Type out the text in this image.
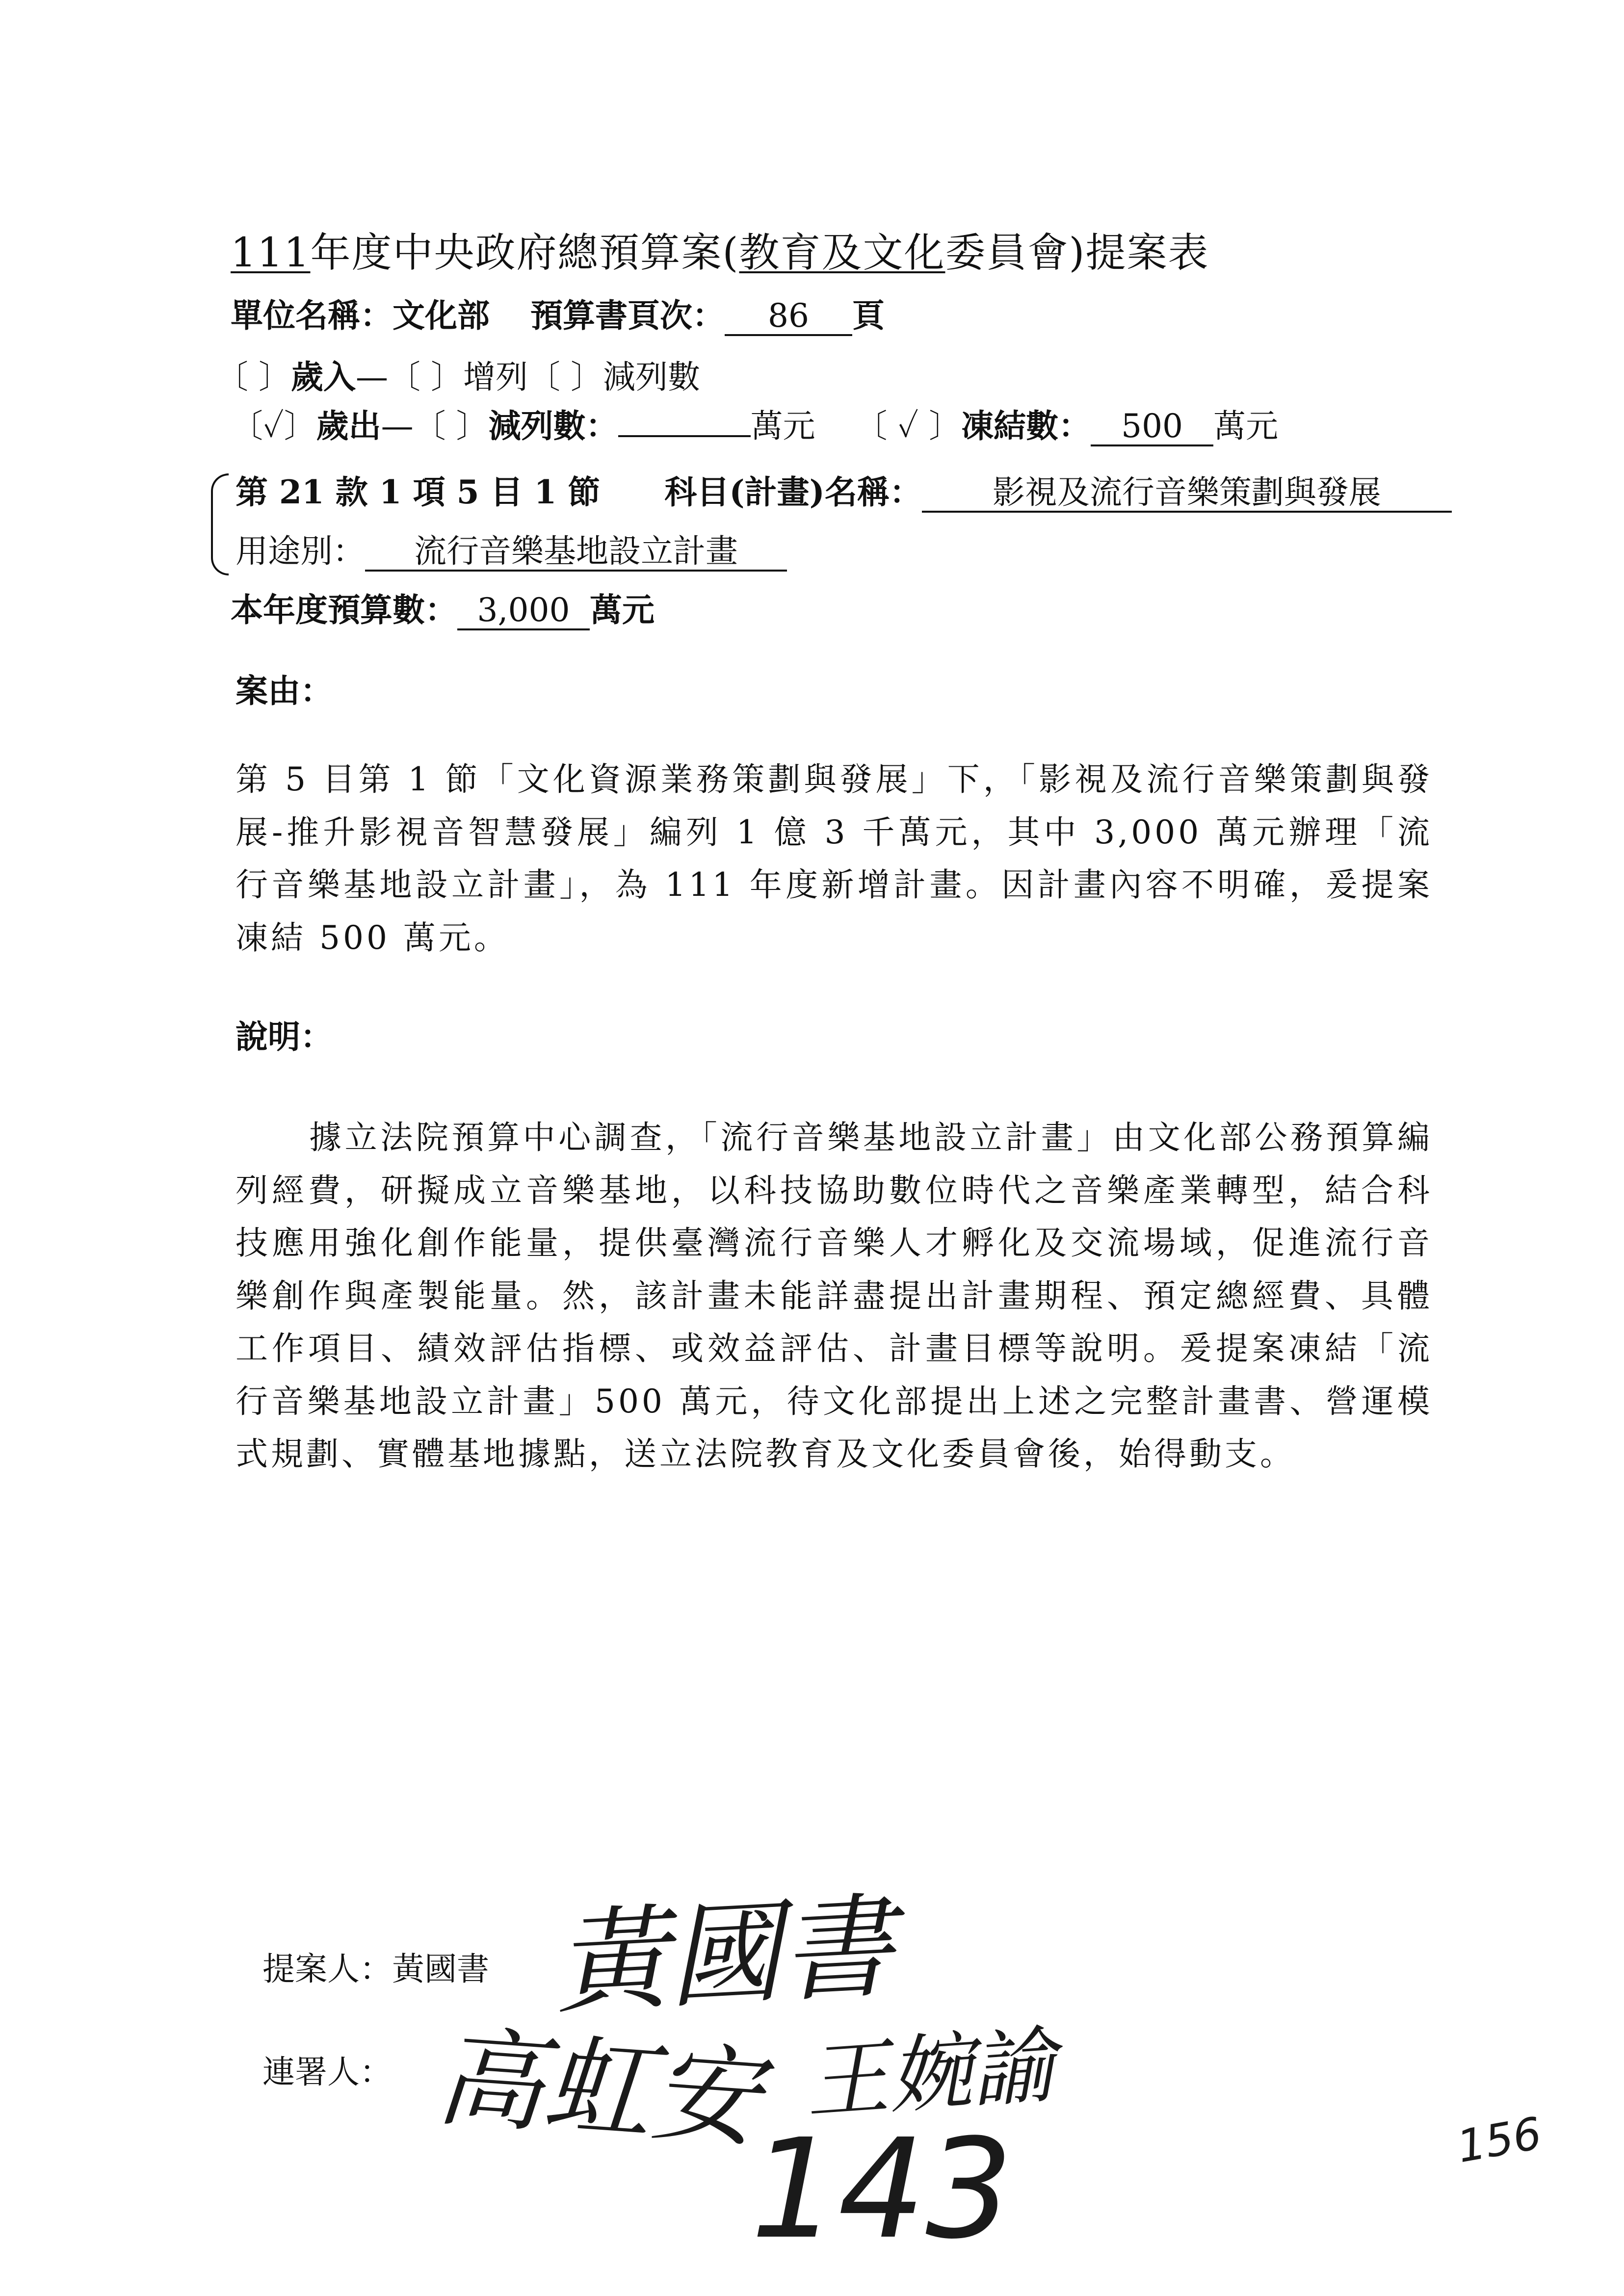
111年度中央政府總預算案(教育及文化委員會)提案表
單位名稱：文化部 預算書頁次： 86 頁
〔 〕歲入—〔 〕增列〔 〕減列數
〔✓〕歲出—〔 〕減列數：	萬元 〔 ✓ 〕凍結數： 500 萬元
第 21 款 1 項 5 目 1 節 科目(計畫)名稱： 影視及流行音樂策劃與發展
用途別： 流行音樂基地設立計畫
本年度預算數： 3,000 萬元
案由：
第 5 目第 1 節「文化資源業務策劃與發展」下，「影視及流行音樂策劃與發展-推升影視音智慧發展」編列 1 億 3 千萬元，其中 3,000 萬元辦理「流行音樂基地設立計畫」，為 111 年度新增計畫。因計畫內容不明確，爰提案凍結 500 萬元。
說明：
據立法院預算中心調查，「流行音樂基地設立計畫」由文化部公務預算編列經費，研擬成立音樂基地，以科技協助數位時代之音樂產業轉型，結合科技應用強化創作能量，提供臺灣流行音樂人才孵化及交流場域，促進流行音樂創作與產製能量。然，該計畫未能詳盡提出計畫期程、預定總經費、具體工作項目、績效評估指標、或效益評估、計畫目標等說明。爰提案凍結「流行音樂基地設立計畫」500 萬元，待文化部提出上述之完整計畫書、營運模式規劃、實體基地據點，送立法院教育及文化委員會後，始得動支。
提案人：黃國書 黃國書
連署人： 高虹安 王婉諭
143	156
